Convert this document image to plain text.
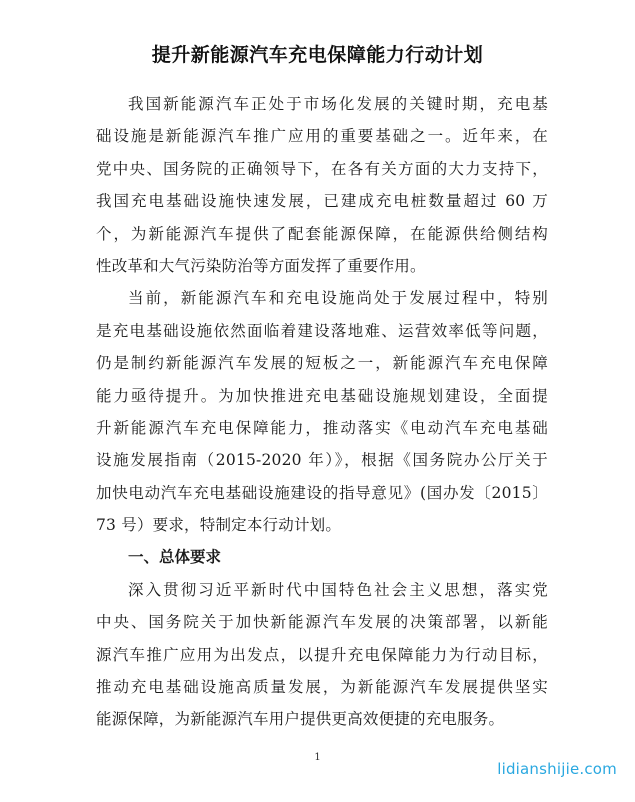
提升新能源汽车充电保障能力行动计划
我国新能源汽车正处于市场化发展的关键时期，充电基
础设施是新能源汽车推广应用的重要基础之一。近年来，在
党中央、国务院的正确领导下，在各有关方面的大力支持下，
我国充电基础设施快速发展，已建成充电桩数量超过 60 万
个，为新能源汽车提供了配套能源保障，在能源供给侧结构
性改革和大气污染防治等方面发挥了重要作用。
当前，新能源汽车和充电设施尚处于发展过程中，特别
是充电基础设施依然面临着建设落地难、运营效率低等问题，
仍是制约新能源汽车发展的短板之一，新能源汽车充电保障
能力亟待提升。为加快推进充电基础设施规划建设，全面提
升新能源汽车充电保障能力，推动落实《电动汽车充电基础
设施发展指南（2015-2020 年）》，根据《国务院办公厅关于
加快电动汽车充电基础设施建设的指导意见》(国办发〔2015〕
73 号）要求，特制定本行动计划。
一、总体要求
深入贯彻习近平新时代中国特色社会主义思想，落实党
中央、国务院关于加快新能源汽车发展的决策部署，以新能
源汽车推广应用为出发点，以提升充电保障能力为行动目标，
推动充电基础设施高质量发展，为新能源汽车发展提供坚实
能源保障，为新能源汽车用户提供更高效便捷的充电服务。
1
lidianshijie.com
